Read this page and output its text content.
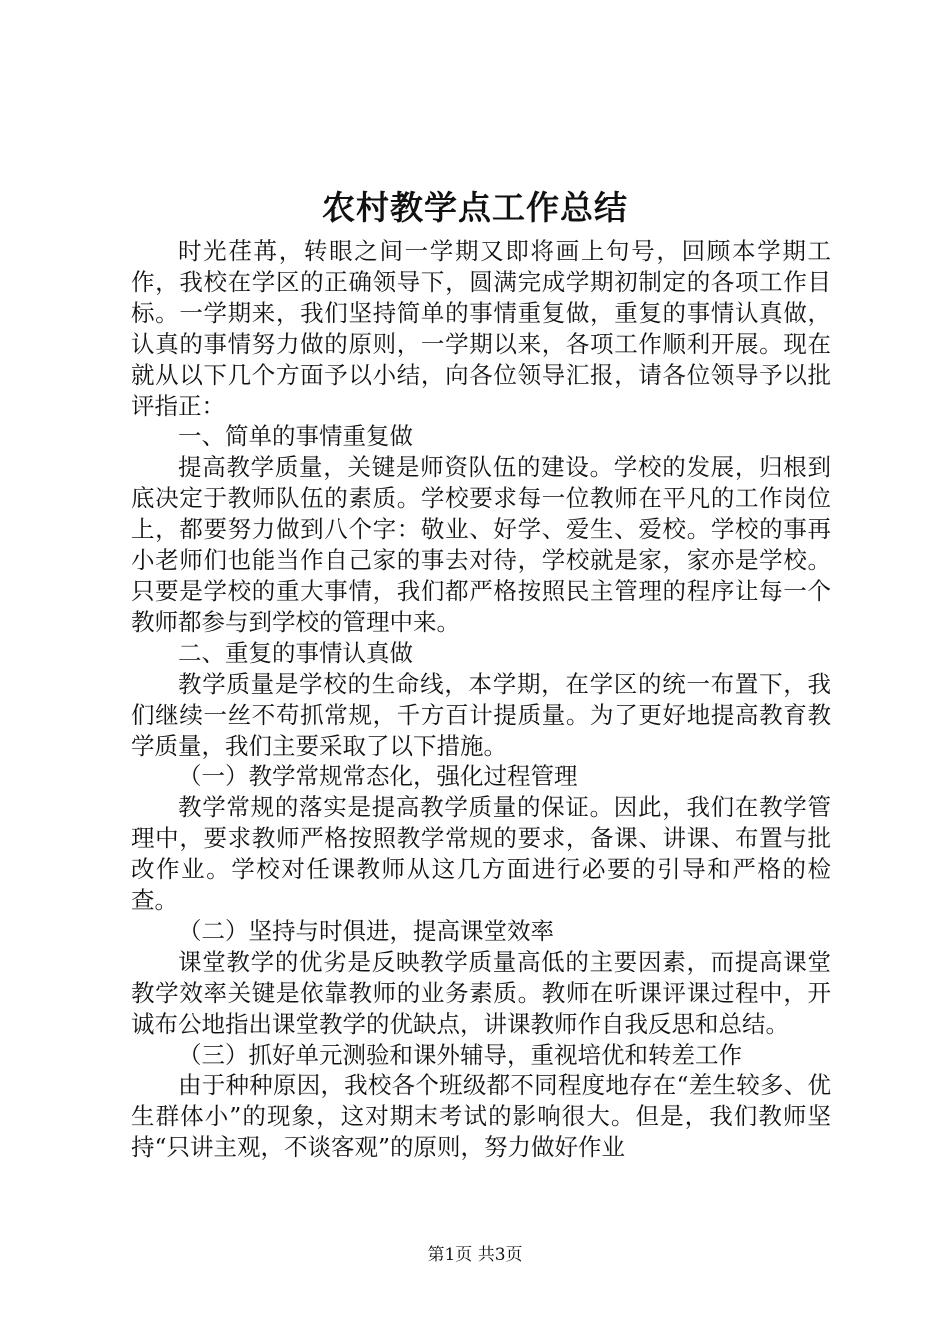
农村教学点工作总结

时光荏苒，转眼之间一学期又即将画上句号，回顾本学期工作，我校在学区的正确领导下，圆满完成学期初制定的各项工作目标。一学期来，我们坚持简单的事情重复做，重复的事情认真做，认真的事情努力做的原则，一学期以来，各项工作顺利开展。现在就从以下几个方面予以小结，向各位领导汇报，请各位领导予以批评指正：

一、简单的事情重复做

提高教学质量，关键是师资队伍的建设。学校的发展，归根到底决定于教师队伍的素质。学校要求每一位教师在平凡的工作岗位上，都要努力做到八个字：敬业、好学、爱生、爱校。学校的事再小老师们也能当作自己家的事去对待，学校就是家，家亦是学校。只要是学校的重大事情，我们都严格按照民主管理的程序让每一个教师都参与到学校的管理中来。

二、重复的事情认真做

教学质量是学校的生命线，本学期，在学区的统一布置下，我们继续一丝不苟抓常规，千方百计提质量。为了更好地提高教育教学质量，我们主要采取了以下措施。

（一）教学常规常态化，强化过程管理

教学常规的落实是提高教学质量的保证。因此，我们在教学管理中，要求教师严格按照教学常规的要求，备课、讲课、布置与批改作业。学校对任课教师从这几方面进行必要的引导和严格的检查。

（二）坚持与时俱进，提高课堂效率

课堂教学的优劣是反映教学质量高低的主要因素，而提高课堂教学效率关键是依靠教师的业务素质。教师在听课评课过程中，开诚布公地指出课堂教学的优缺点，讲课教师作自我反思和总结。

（三）抓好单元测验和课外辅导，重视培优和转差工作

由于种种原因，我校各个班级都不同程度地存在“差生较多、优生群体小”的现象，这对期末考试的影响很大。但是，我们教师坚持“只讲主观，不谈客观”的原则，努力做好作业

第1页 共3页
